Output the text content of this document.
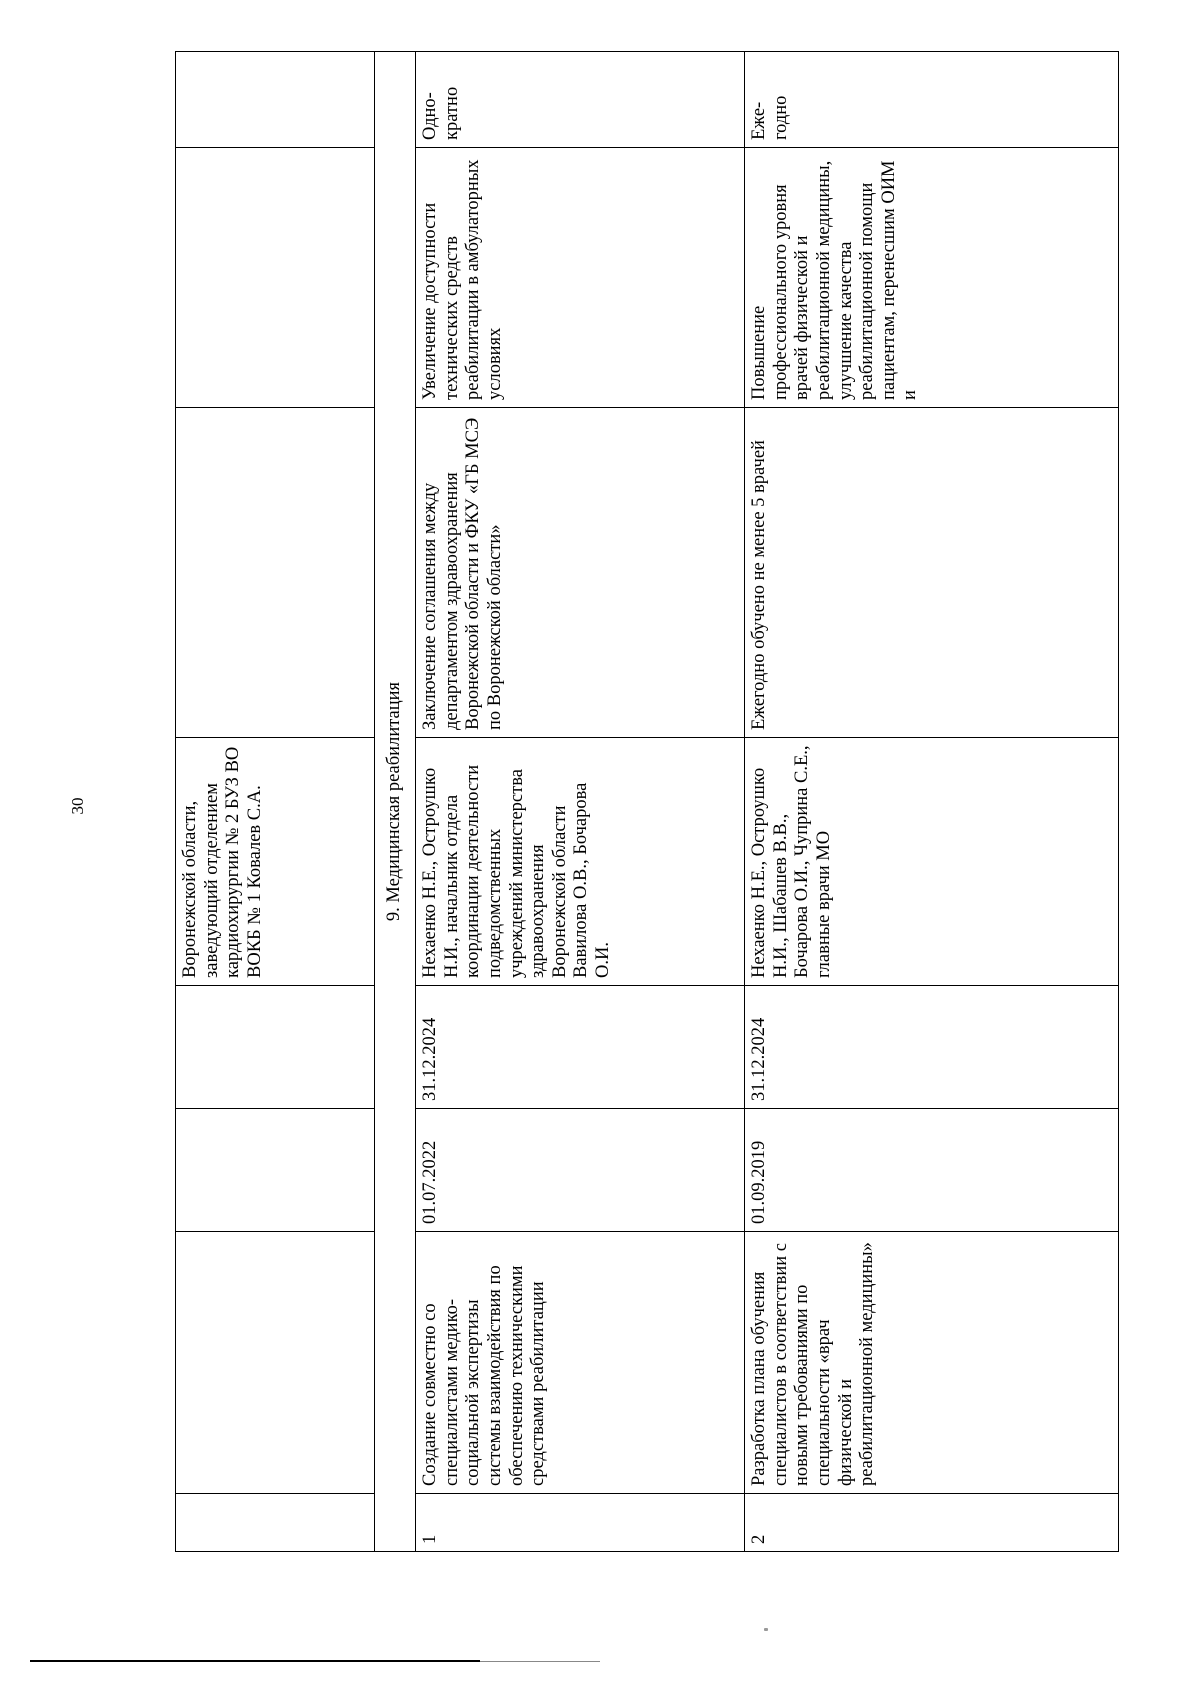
30
					Воронежской области, заведующий отделением кардиохирургии № 2 БУЗ ВО ВОКБ № 1 Ковалев С.А.			
9. Медицинская реабилитация							
1	Создание совместно со специалистами медико-социальной экспертизы системы взаимодействия по обеспечению техническими средствами реабилитации	01.07.2022	31.12.2024	Нехаенко Н.Е., Остроушко Н.И., начальник отдела координации деятельности подведомственных учреждений министерства здравоохранения Воронежской области Вавилова О.В., Бочарова О.И.	Заключение соглашения между департаментом здравоохранения Воронежской области и ФКУ «ГБ МСЭ по Воронежской области»	Увеличение доступности технических средств реабилитации в амбулаторных условиях	Одно-кратно
2	Разработка плана обучения специалистов в соответствии с новыми требованиями по специальности «врач физической и реабилитационной медицины»	01.09.2019	31.12.2024	Нехаенко Н.Е., Остроушко Н.И., Шабашев В.В., Бочарова О.И., Чуприна С.Е., главные врачи МО	Ежегодно обучено не менее 5 врачей	Повышение профессионального уровня врачей физической и реабилитационной медицины, улучшение качества реабилитационной помощи пациентам, перенесшим ОИМ и	Еже-годно
